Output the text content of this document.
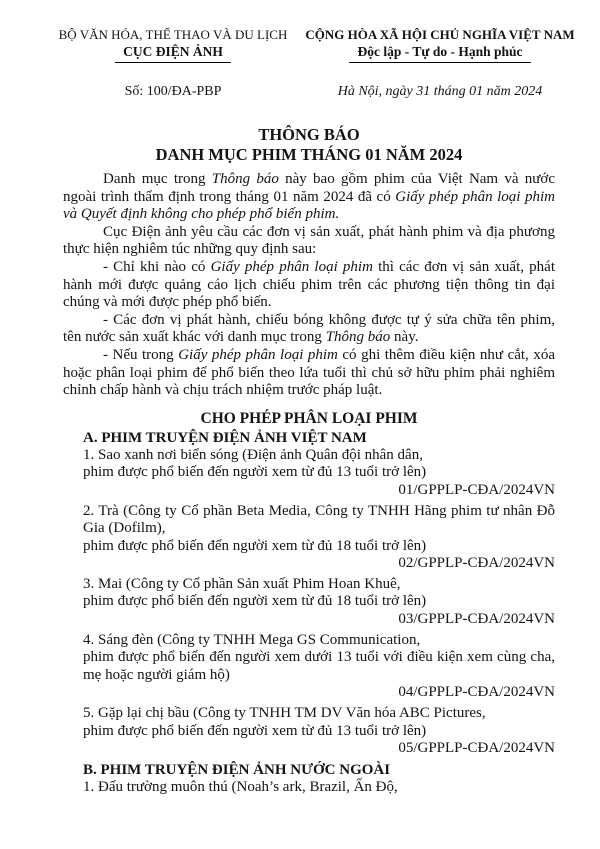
BỘ VĂN HÓA, THỂ THAO VÀ DU LỊCH
CỤC ĐIỆN ẢNH
Số: 100/ĐA-PBP
CỘNG HÒA XÃ HỘI CHỦ NGHĨA VIỆT NAM
Độc lập - Tự do - Hạnh phúc
Hà Nội, ngày 31 tháng 01 năm 2024
THÔNG BÁO
DANH MỤC PHIM THÁNG 01 NĂM 2024

Danh mục trong Thông báo này bao gồm phim của Việt Nam và nước ngoài trình thẩm định trong tháng 01 năm 2024 đã có Giấy phép phân loại phim và Quyết định không cho phép phổ biến phim.

Cục Điện ảnh yêu cầu các đơn vị sản xuất, phát hành phim và địa phương thực hiện nghiêm túc những quy định sau:

- Chỉ khi nào có Giấy phép phân loại phim thì các đơn vị sản xuất, phát hành mới được quảng cáo lịch chiếu phim trên các phương tiện thông tin đại chúng và mới được phép phổ biến.

- Các đơn vị phát hành, chiếu bóng không được tự ý sửa chữa tên phim, tên nước sản xuất khác với danh mục trong Thông báo này.

- Nếu trong Giấy phép phân loại phim có ghi thêm điều kiện như cắt, xóa hoặc phân loại phim để phổ biến theo lứa tuổi thì chủ sở hữu phim phải nghiêm chỉnh chấp hành và chịu trách nhiệm trước pháp luật.

CHO PHÉP PHÂN LOẠI PHIM
A. PHIM TRUYỆN ĐIỆN ẢNH VIỆT NAM
1. Sao xanh nơi biển sóng (Điện ảnh Quân đội nhân dân,
phim được phổ biến đến người xem từ đủ 13 tuổi trở lên)
01/GPPLP-CĐA/2024VN
2. Trà (Công ty Cổ phần Beta Media, Công ty TNHH Hãng phim tư nhân Đỗ Gia (Dofilm),
phim được phổ biến đến người xem từ đủ 18 tuổi trở lên)
02/GPPLP-CĐA/2024VN
3. Mai (Công ty Cổ phần Sản xuất Phim Hoan Khuê,
phim được phổ biến đến người xem từ đủ 18 tuổi trở lên)
03/GPPLP-CĐA/2024VN
4. Sáng đèn (Công ty TNHH Mega GS Communication,
phim được phổ biến đến người xem dưới 13 tuổi với điều kiện xem cùng cha, mẹ hoặc người giám hộ)
04/GPPLP-CĐA/2024VN
5. Gặp lại chị bầu (Công ty TNHH TM DV Văn hóa ABC Pictures,
phim được phổ biến đến người xem từ đủ 13 tuổi trở lên)
05/GPPLP-CĐA/2024VN
B. PHIM TRUYỆN ĐIỆN ẢNH NƯỚC NGOÀI
1. Đấu trường muôn thú (Noah’s ark, Brazil, Ấn Độ,
